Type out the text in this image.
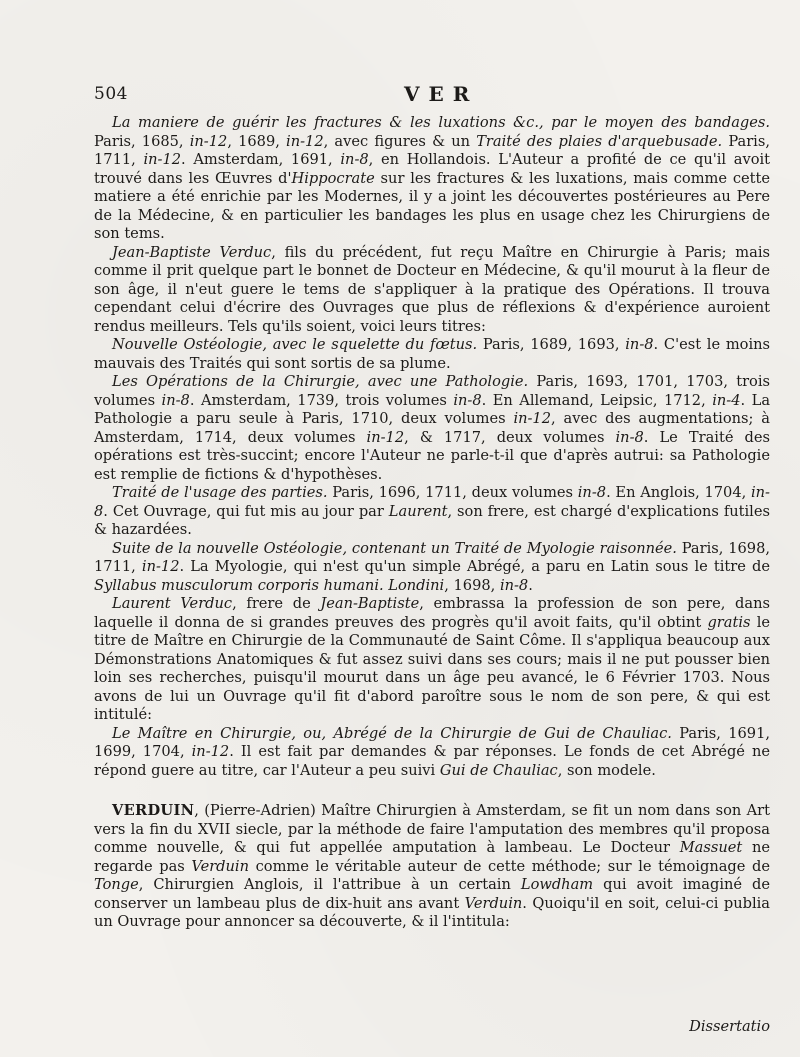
504	VER

La maniere de guérir les fractures & les luxations &c., par le moyen des bandages. Paris, 1685, in-12, 1689, in-12, avec figures & un Traité des plaies d'arquebusade. Paris, 1711, in-12. Amsterdam, 1691, in-8, en Hollandois. L'Auteur a profité de ce qu'il avoit trouvé dans les Œuvres d'Hippocrate sur les fractures & les luxations, mais comme cette matiere a été enrichie par les Modernes, il y a joint les découvertes postérieures au Pere de la Médecine, & en particulier les bandages les plus en usage chez les Chirurgiens de son tems.

Jean-Baptiste Verduc, fils du précédent, fut reçu Maître en Chirurgie à Paris; mais comme il prit quelque part le bonnet de Docteur en Médecine, & qu'il mourut à la fleur de son âge, il n'eut guere le tems de s'appliquer à la pratique des Opérations. Il trouva cependant celui d'écrire des Ouvrages que plus de réflexions & d'expérience auroient rendus meilleurs. Tels qu'ils soient, voici leurs titres:

Nouvelle Ostéologie, avec le squelette du fœtus. Paris, 1689, 1693, in-8. C'est le moins mauvais des Traités qui sont sortis de sa plume.

Les Opérations de la Chirurgie, avec une Pathologie. Paris, 1693, 1701, 1703, trois volumes in-8. Amsterdam, 1739, trois volumes in-8. En Allemand, Leipsic, 1712, in-4. La Pathologie a paru seule à Paris, 1710, deux volumes in-12, avec des augmentations; à Amsterdam, 1714, deux volumes in-12, & 1717, deux volumes in-8. Le Traité des opérations est très-succint; encore l'Auteur ne parle-t-il que d'après autrui: sa Pathologie est remplie de fictions & d'hypothèses.

Traité de l'usage des parties. Paris, 1696, 1711, deux volumes in-8. En Anglois, 1704, in-8. Cet Ouvrage, qui fut mis au jour par Laurent, son frere, est chargé d'explications futiles & hazardées.

Suite de la nouvelle Ostéologie, contenant un Traité de Myologie raisonnée. Paris, 1698, 1711, in-12. La Myologie, qui n'est qu'un simple Abrégé, a paru en Latin sous le titre de Syllabus musculorum corporis humani. Londini, 1698, in-8.

Laurent Verduc, frere de Jean-Baptiste, embrassa la profession de son pere, dans laquelle il donna de si grandes preuves des progrès qu'il avoit faits, qu'il obtint gratis le titre de Maître en Chirurgie de la Communauté de Saint Côme. Il s'appliqua beaucoup aux Démonstrations Anatomiques & fut assez suivi dans ses cours; mais il ne put pousser bien loin ses recherches, puisqu'il mourut dans un âge peu avancé, le 6 Février 1703. Nous avons de lui un Ouvrage qu'il fit d'abord paroître sous le nom de son pere, & qui est intitulé:

Le Maître en Chirurgie, ou, Abrégé de la Chirurgie de Gui de Chauliac. Paris, 1691, 1699, 1704, in-12. Il est fait par demandes & par réponses. Le fonds de cet Abrégé ne répond guere au titre, car l'Auteur a peu suivi Gui de Chauliac, son modele.

VERDUIN, (Pierre-Adrien) Maître Chirurgien à Amsterdam, se fit un nom dans son Art vers la fin du XVII siecle, par la méthode de faire l'amputation des membres qu'il proposa comme nouvelle, & qui fut appellée amputation à lambeau. Le Docteur Massuet ne regarde pas Verduin comme le véritable auteur de cette méthode; sur le témoignage de Tonge, Chirurgien Anglois, il l'attribue à un certain Lowdham qui avoit imaginé de conserver un lambeau plus de dix-huit ans avant Verduin. Quoiqu'il en soit, celui-ci publia un Ouvrage pour annoncer sa découverte, & il l'intitula:

Dissertatio
